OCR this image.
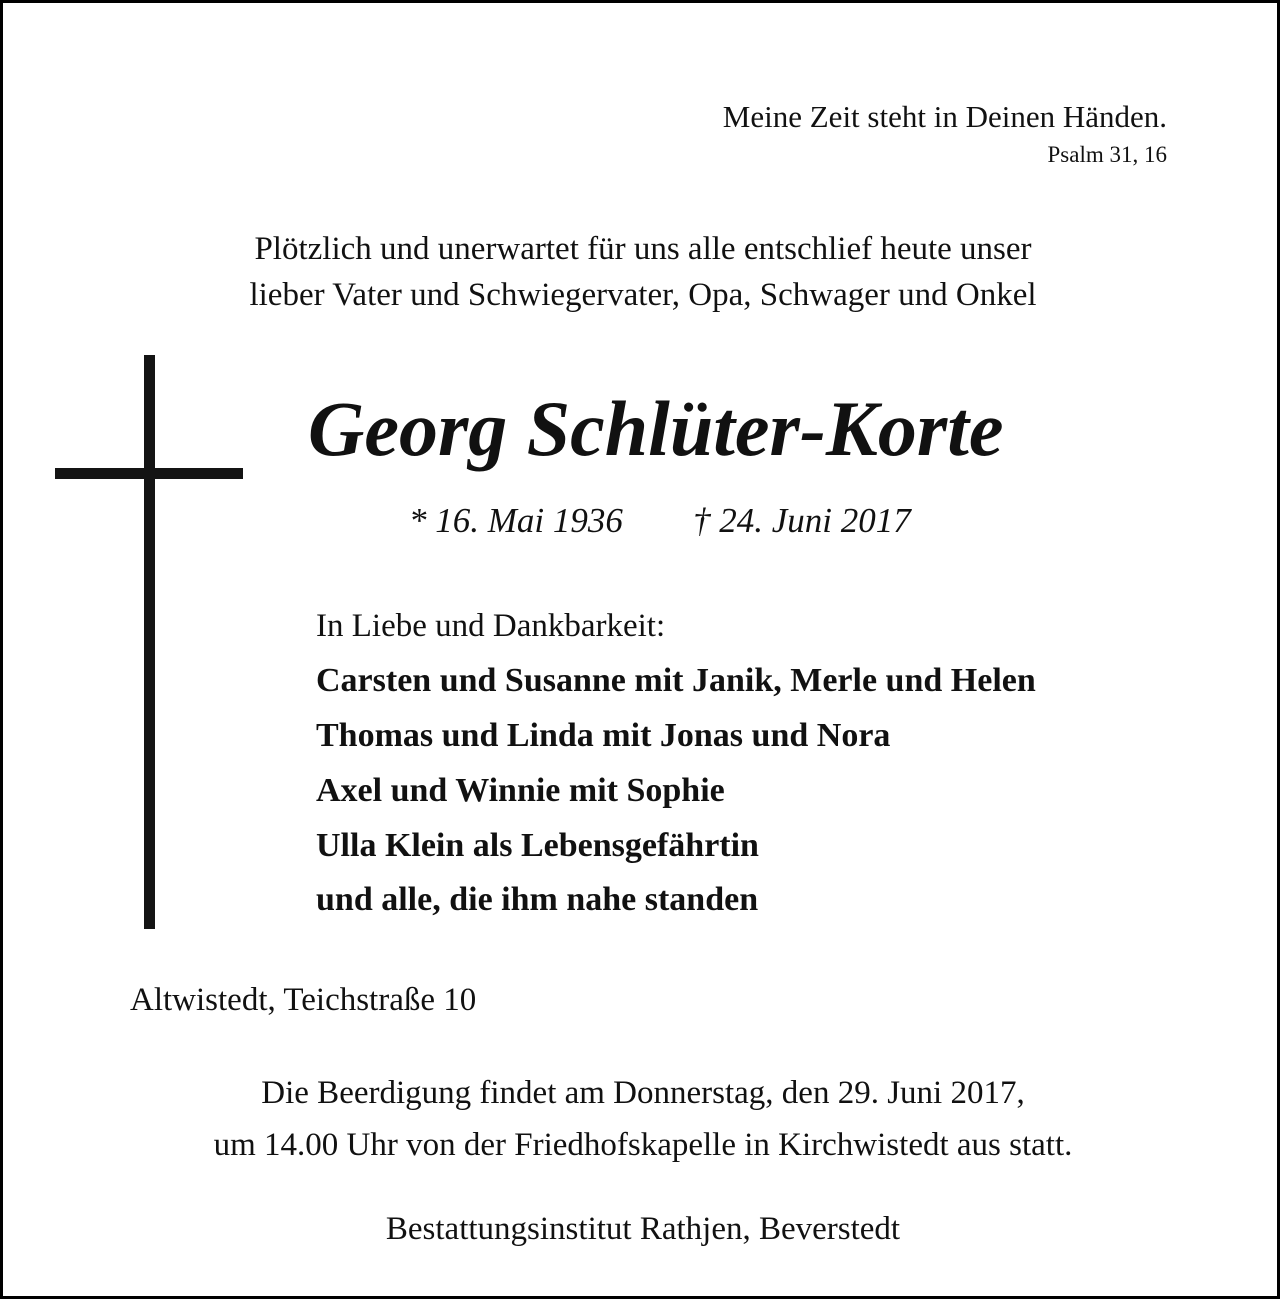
Meine Zeit steht in Deinen Händen.

Psalm 31, 16

Plötzlich und unerwartet für uns alle entschlief heute unser

lieber Vater und Schwiegervater, Opa, Schwager und Onkel

Georg Schlüter-Korte

* 16. Mai 1936 † 24. Juni 2017

In Liebe und Dankbarkeit:

Carsten und Susanne mit Janik, Merle und Helen

Thomas und Linda mit Jonas und Nora

Axel und Winnie mit Sophie

Ulla Klein als Lebensgefährtin

und alle, die ihm nahe standen

Altwistedt, Teichstraße 10

Die Beerdigung findet am Donnerstag, den 29. Juni 2017,

um 14.00 Uhr von der Friedhofskapelle in Kirchwistedt aus statt.

Bestattungsinstitut Rathjen, Beverstedt
